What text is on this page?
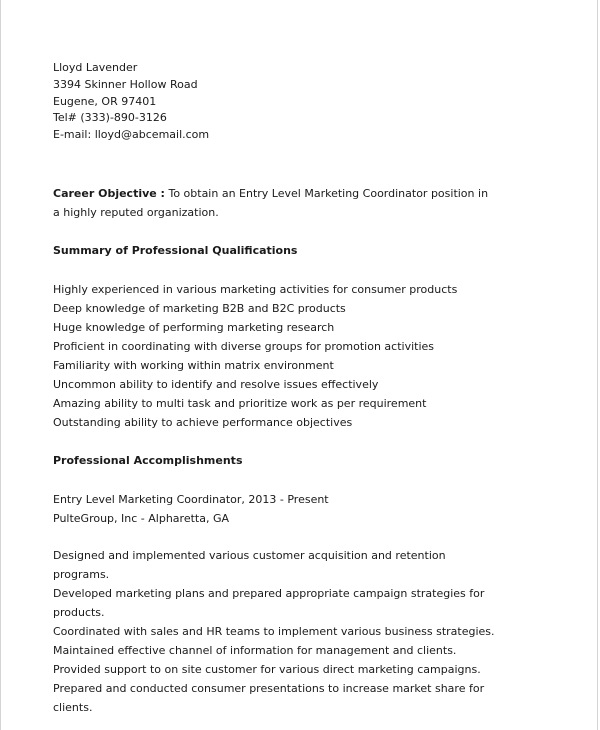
Lloyd Lavender
3394 Skinner Hollow Road
Eugene, OR 97401
Tel# (333)-890-3126
E-mail: lloyd@abcemail.com
Career Objective : To obtain an Entry Level Marketing Coordinator position in a highly reputed organization.
Summary of Professional Qualifications
Highly experienced in various marketing activities for consumer products
Deep knowledge of marketing B2B and B2C products
Huge knowledge of performing marketing research
Proficient in coordinating with diverse groups for promotion activities
Familiarity with working within matrix environment
Uncommon ability to identify and resolve issues effectively
Amazing ability to multi task and prioritize work as per requirement
Outstanding ability to achieve performance objectives
Professional Accomplishments
Entry Level Marketing Coordinator, 2013 - Present
PulteGroup, Inc - Alpharetta, GA
Designed and implemented various customer acquisition and retention programs.
Developed marketing plans and prepared appropriate campaign strategies for products.
Coordinated with sales and HR teams to implement various business strategies.
Maintained effective channel of information for management and clients.
Provided support to on site customer for various direct marketing campaigns.
Prepared and conducted consumer presentations to increase market share for clients.
